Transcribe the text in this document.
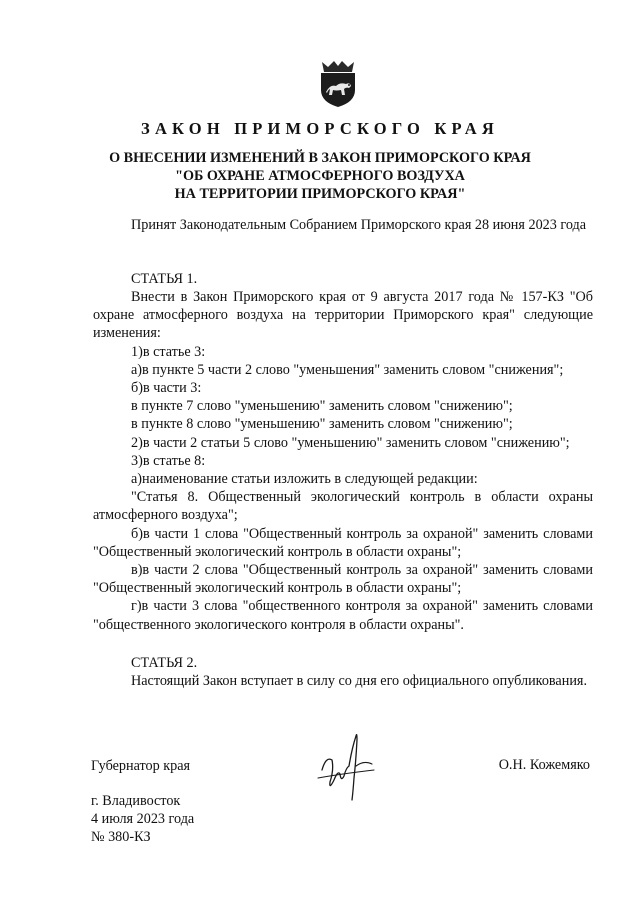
ЗАКОН ПРИМОРСКОГО КРАЯ
О ВНЕСЕНИИ ИЗМЕНЕНИЙ В ЗАКОН ПРИМОРСКОГО КРАЯ
"ОБ ОХРАНЕ АТМОСФЕРНОГО ВОЗДУХА
НА ТЕРРИТОРИИ ПРИМОРСКОГО КРАЯ"
Принят Законодательным Собранием Приморского края 28 июня 2023 года
СТАТЬЯ 1.
Внести в Закон Приморского края от 9 августа 2017 года № 157-КЗ "Об охране атмосферного воздуха на территории Приморского края" следующие изменения:
1)в статье 3:
а)в пункте 5 части 2 слово "уменьшения" заменить словом "снижения";
б)в части 3:
в пункте 7 слово "уменьшению" заменить словом "снижению";
в пункте 8 слово "уменьшению" заменить словом "снижению";
2)в части 2 статьи 5 слово "уменьшению" заменить словом "снижению";
3)в статье 8:
а)наименование статьи изложить в следующей редакции:
"Статья 8. Общественный экологический контроль в области охраны атмосферного воздуха";
б)в части 1 слова "Общественный контроль за охраной" заменить словами "Общественный экологический контроль в области охраны";
в)в части 2 слова "Общественный контроль за охраной" заменить словами "Общественный экологический контроль в области охраны";
г)в части 3 слова "общественного контроля за охраной" заменить словами "общественного экологического контроля в области охраны".
СТАТЬЯ 2.
Настоящий Закон вступает в силу со дня его официального опубликования.
Губернатор края	О.Н. Кожемяко
г. Владивосток
4 июля 2023 года
№ 380-КЗ
